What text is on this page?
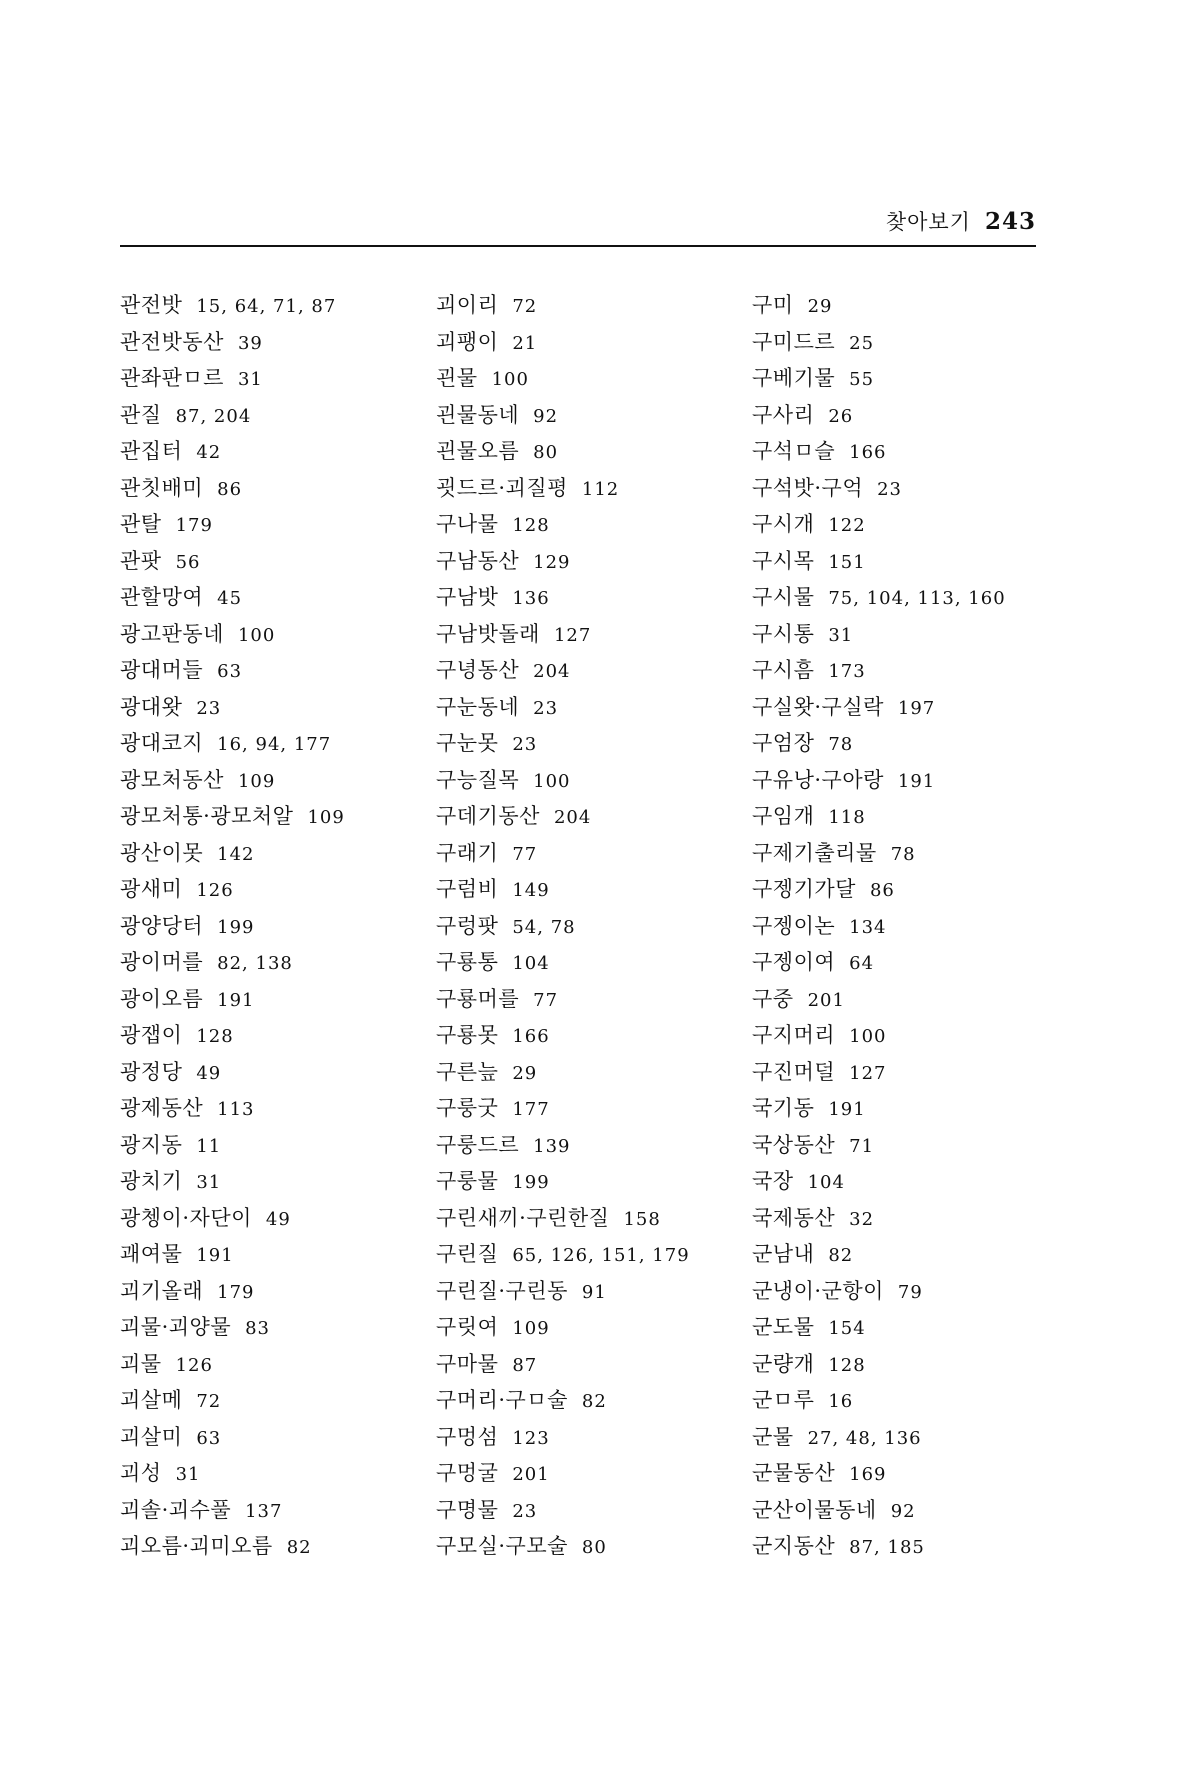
찾아보기 243
관전밧 15, 64, 71, 87
관전밧동산 39
관좌판ㅁ르 31
관질 87, 204
관집터 42
관칫배미 86
관탈 179
관팟 56
관할망여 45
광고판동네 100
광대머들 63
광대왓 23
광대코지 16, 94, 177
광모처동산 109
광모처통·광모처알 109
광산이못 142
광새미 126
광양당터 199
광이머를 82, 138
광이오름 191
광잽이 128
광정당 49
광제동산 113
광지동 11
광치기 31
광쳉이·자단이 49
괘여물 191
괴기올래 179
괴물·괴양물 83
괴물 126
괴살메 72
괴살미 63
괴성 31
괴솔·괴수풀 137
괴오름·괴미오름 82
괴이리 72
괴팽이 21
괸물 100
괸물동네 92
괸물오름 80
굇드르·괴질평 112
구나물 128
구남동산 129
구남밧 136
구남밧돌래 127
구녕동산 204
구눈동네 23
구눈못 23
구능질목 100
구데기동산 204
구래기 77
구럼비 149
구렁팟 54, 78
구룡통 104
구룡머를 77
구룡못 166
구른늪 29
구룽굿 177
구룽드르 139
구룽물 199
구린새끼·구린한질 158
구린질 65, 126, 151, 179
구린질·구린동 91
구릿여 109
구마물 87
구머리·구ㅁ술 82
구멍섬 123
구멍굴 201
구명물 23
구모실·구모술 80
구미 29
구미드르 25
구베기물 55
구사리 26
구석ㅁ슬 166
구석밧·구억 23
구시개 122
구시목 151
구시물 75, 104, 113, 160
구시통 31
구시흠 173
구실왓·구실락 197
구엄장 78
구유낭·구아랑 191
구임개 118
구제기출리물 78
구젱기가달 86
구젱이논 134
구젱이여 64
구중 201
구지머리 100
구진머덜 127
국기동 191
국상동산 71
국장 104
국제동산 32
군남내 82
군냉이·군항이 79
군도물 154
군량개 128
군ㅁ루 16
군물 27, 48, 136
군물동산 169
군산이물동네 92
군지동산 87, 185
